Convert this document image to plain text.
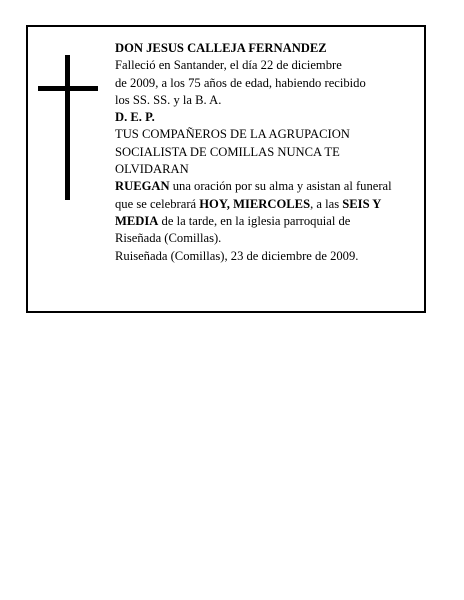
DON JESUS CALLEJA FERNANDEZ
Falleció en Santander, el día 22 de diciembre
de 2009, a los 75 años de edad, habiendo recibido
los SS. SS. y la B. A.
D. E. P.
TUS COMPAÑEROS DE LA AGRUPACION
SOCIALISTA DE COMILLAS NUNCA TE
OLVIDARAN
RUEGAN una oración por su alma y asistan al funeral
que se celebrará HOY, MIERCOLES, a las SEIS Y
MEDIA de la tarde, en la iglesia parroquial de
Riseñada (Comillas).
Ruiseñada (Comillas), 23 de diciembre de 2009.
